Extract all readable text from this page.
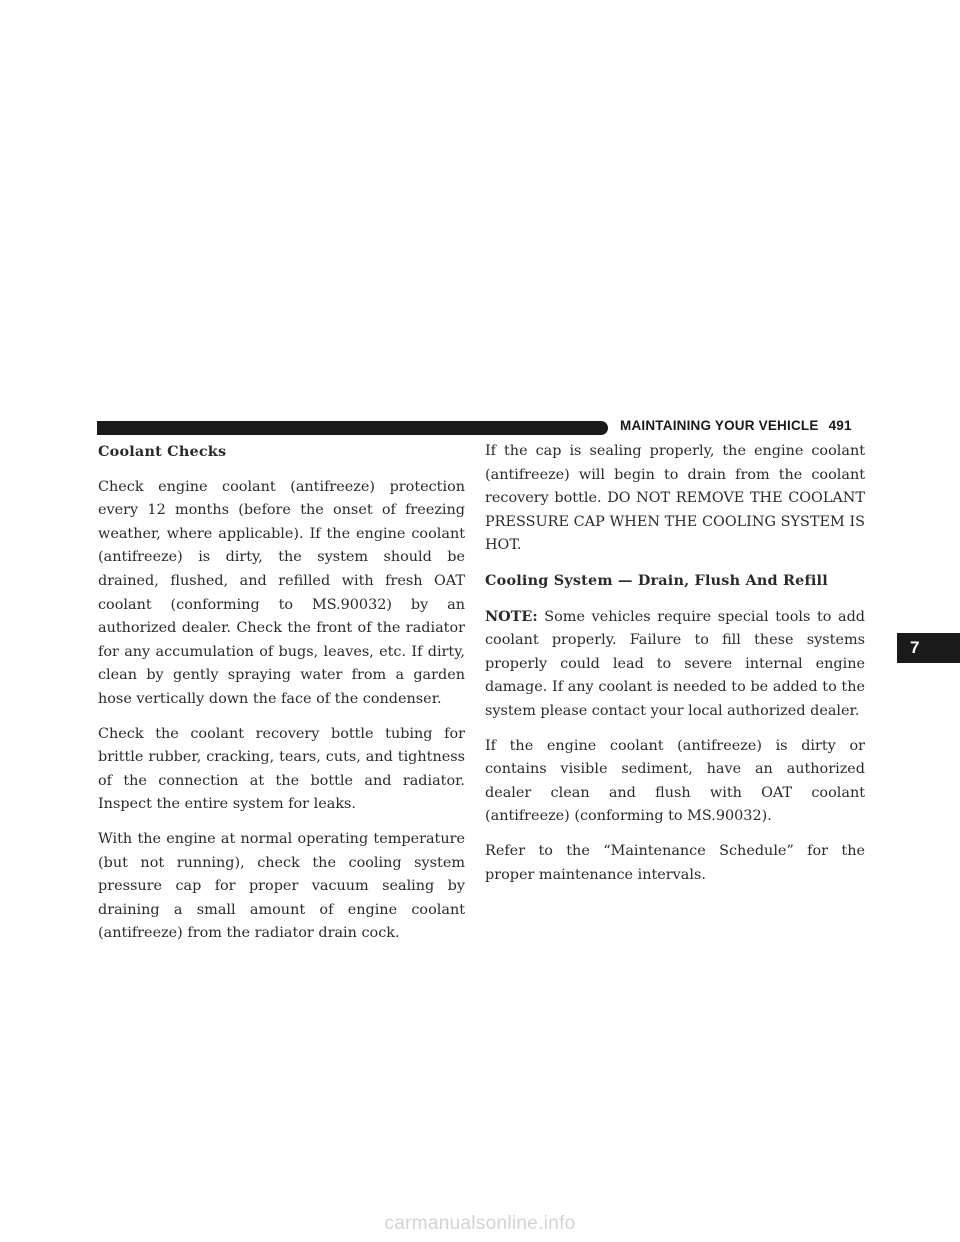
MAINTAINING YOUR VEHICLE 491
Coolant Checks

Check engine coolant (antifreeze) protection every 12 months (before the onset of freezing weather, where applicable). If the engine coolant (antifreeze) is dirty, the system should be drained, flushed, and refilled with fresh OAT coolant (conforming to MS.90032) by an authorized dealer. Check the front of the radiator for any accumulation of bugs, leaves, etc. If dirty, clean by gently spraying water from a garden hose vertically down the face of the condenser.

Check the coolant recovery bottle tubing for brittle rubber, cracking, tears, cuts, and tightness of the connection at the bottle and radiator. Inspect the entire system for leaks.

With the engine at normal operating temperature (but not running), check the cooling system pressure cap for proper vacuum sealing by draining a small amount of engine coolant (antifreeze) from the radiator drain cock.

If the cap is sealing properly, the engine coolant (antifreeze) will begin to drain from the coolant recovery bottle. DO NOT REMOVE THE COOLANT PRESSURE CAP WHEN THE COOLING SYSTEM IS HOT.

Cooling System — Drain, Flush And Refill

NOTE: Some vehicles require special tools to add coolant properly. Failure to fill these systems properly could lead to severe internal engine damage. If any coolant is needed to be added to the system please contact your local authorized dealer.

If the engine coolant (antifreeze) is dirty or contains visible sediment, have an authorized dealer clean and flush with OAT coolant (antifreeze) (conforming to MS.90032).

Refer to the “Maintenance Schedule” for the proper maintenance intervals.

7
carmanualsonline.info
